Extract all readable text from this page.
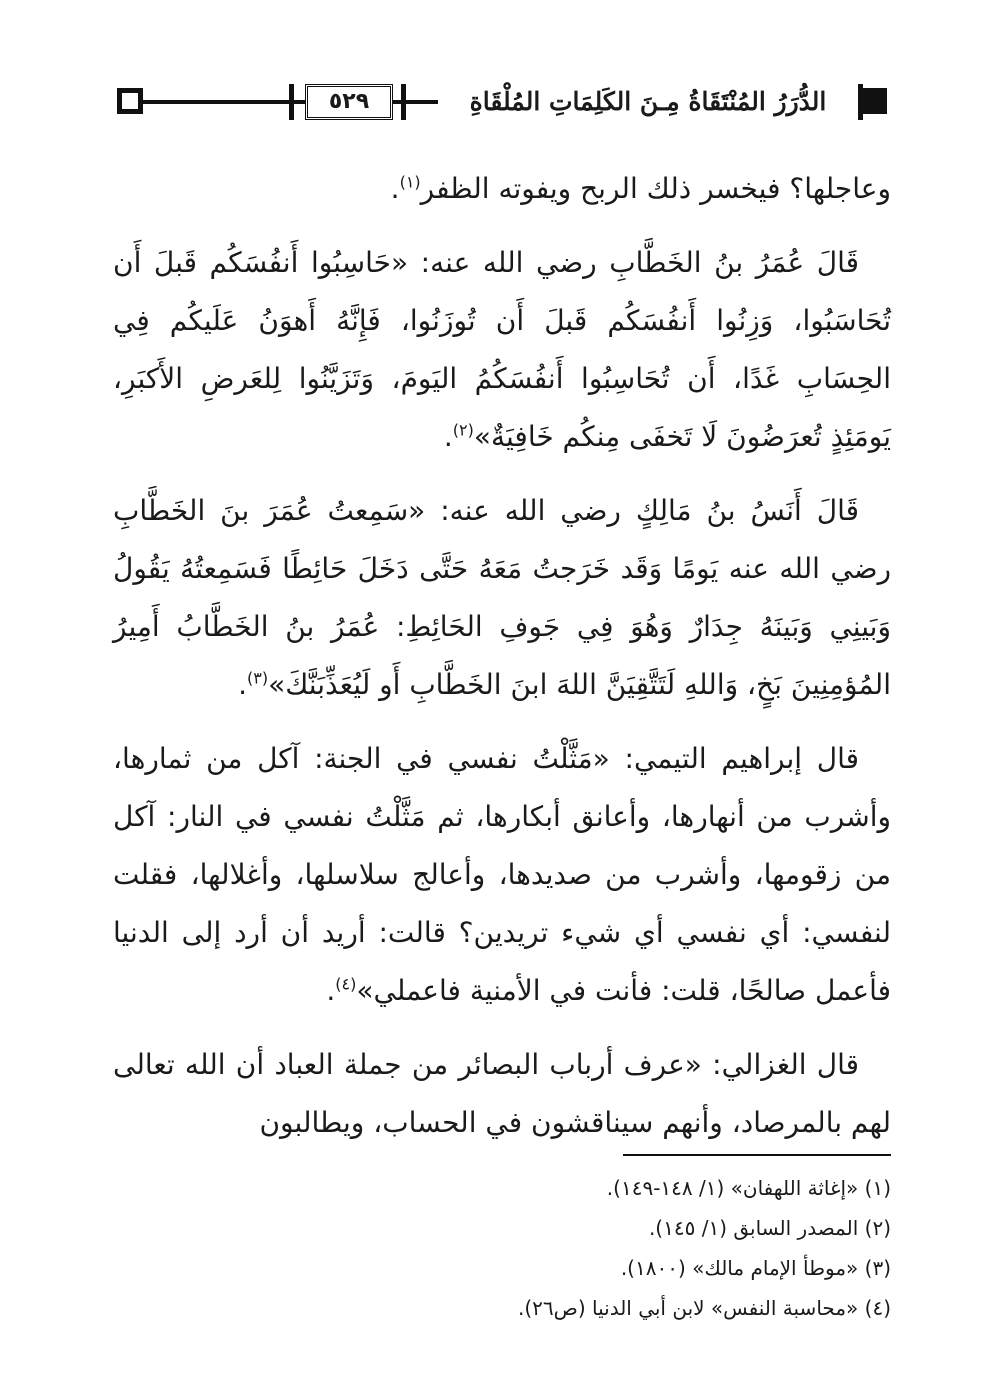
٥٢٩	الدُّرَرُ المُنْتَقَاةُ مِـنَ الكَلِمَاتِ المُلْقَاةِ

وعاجلها؟ فيخسر ذلك الربح ويفوته الظفر$^{(١)}$.

قَالَ عُمَرُ بنُ الخَطَّابِ رضي الله عنه: «حَاسِبُوا أَنفُسَكُم قَبلَ أَن تُحَاسَبُوا، وَزِنُوا أَنفُسَكُم قَبلَ أَن تُوزَنُوا، فَإِنَّهُ أَهوَنُ عَلَيكُم فِي الحِسَابِ غَدًا، أَن تُحَاسِبُوا أَنفُسَكُمُ اليَومَ، وَتَزَيَّنُوا لِلعَرضِ الأَكبَرِ، يَومَئِذٍ تُعرَضُونَ لَا تَخفَى مِنكُم خَافِيَةٌ»$^{(٢)}$.

قَالَ أَنَسُ بنُ مَالِكٍ رضي الله عنه: «سَمِعتُ عُمَرَ بنَ الخَطَّابِ رضي الله عنه يَومًا وَقَد خَرَجتُ مَعَهُ حَتَّى دَخَلَ حَائِطًا فَسَمِعتُهُ يَقُولُ وَبَينِي وَبَينَهُ جِدَارٌ وَهُوَ فِي جَوفِ الحَائِطِ: عُمَرُ بنُ الخَطَّابُ أَمِيرُ المُؤمِنِينَ بَخٍ، وَاللهِ لَتَتَّقِيَنَّ اللهَ ابنَ الخَطَّابِ أَو لَيُعَذِّبَنَّكَ»$^{(٣)}$.

قال إبراهيم التيمي: «مَثَّلْتُ نفسي في الجنة: آكل من ثمارها، وأشرب من أنهارها، وأعانق أبكارها، ثم مَثَّلْتُ نفسي في النار: آكل من زقومها، وأشرب من صديدها، وأعالج سلاسلها، وأغلالها، فقلت لنفسي: أي نفسي أي شيء تريدين؟ قالت: أريد أن أرد إلى الدنيا فأعمل صالحًا، قلت: فأنت في الأمنية فاعملي»$^{(٤)}$.

قال الغزالي: «عرف أرباب البصائر من جملة العباد أن الله تعالى لهم بالمرصاد، وأنهم سيناقشون في الحساب، ويطالبون

(١) «إغاثة اللهفان» (١/ ١٤٨-١٤٩).
(٢) المصدر السابق (١/ ١٤٥).
(٣) «موطأ الإمام مالك» (١٨٠٠).
(٤) «محاسبة النفس» لابن أبي الدنيا (ص٢٦).
